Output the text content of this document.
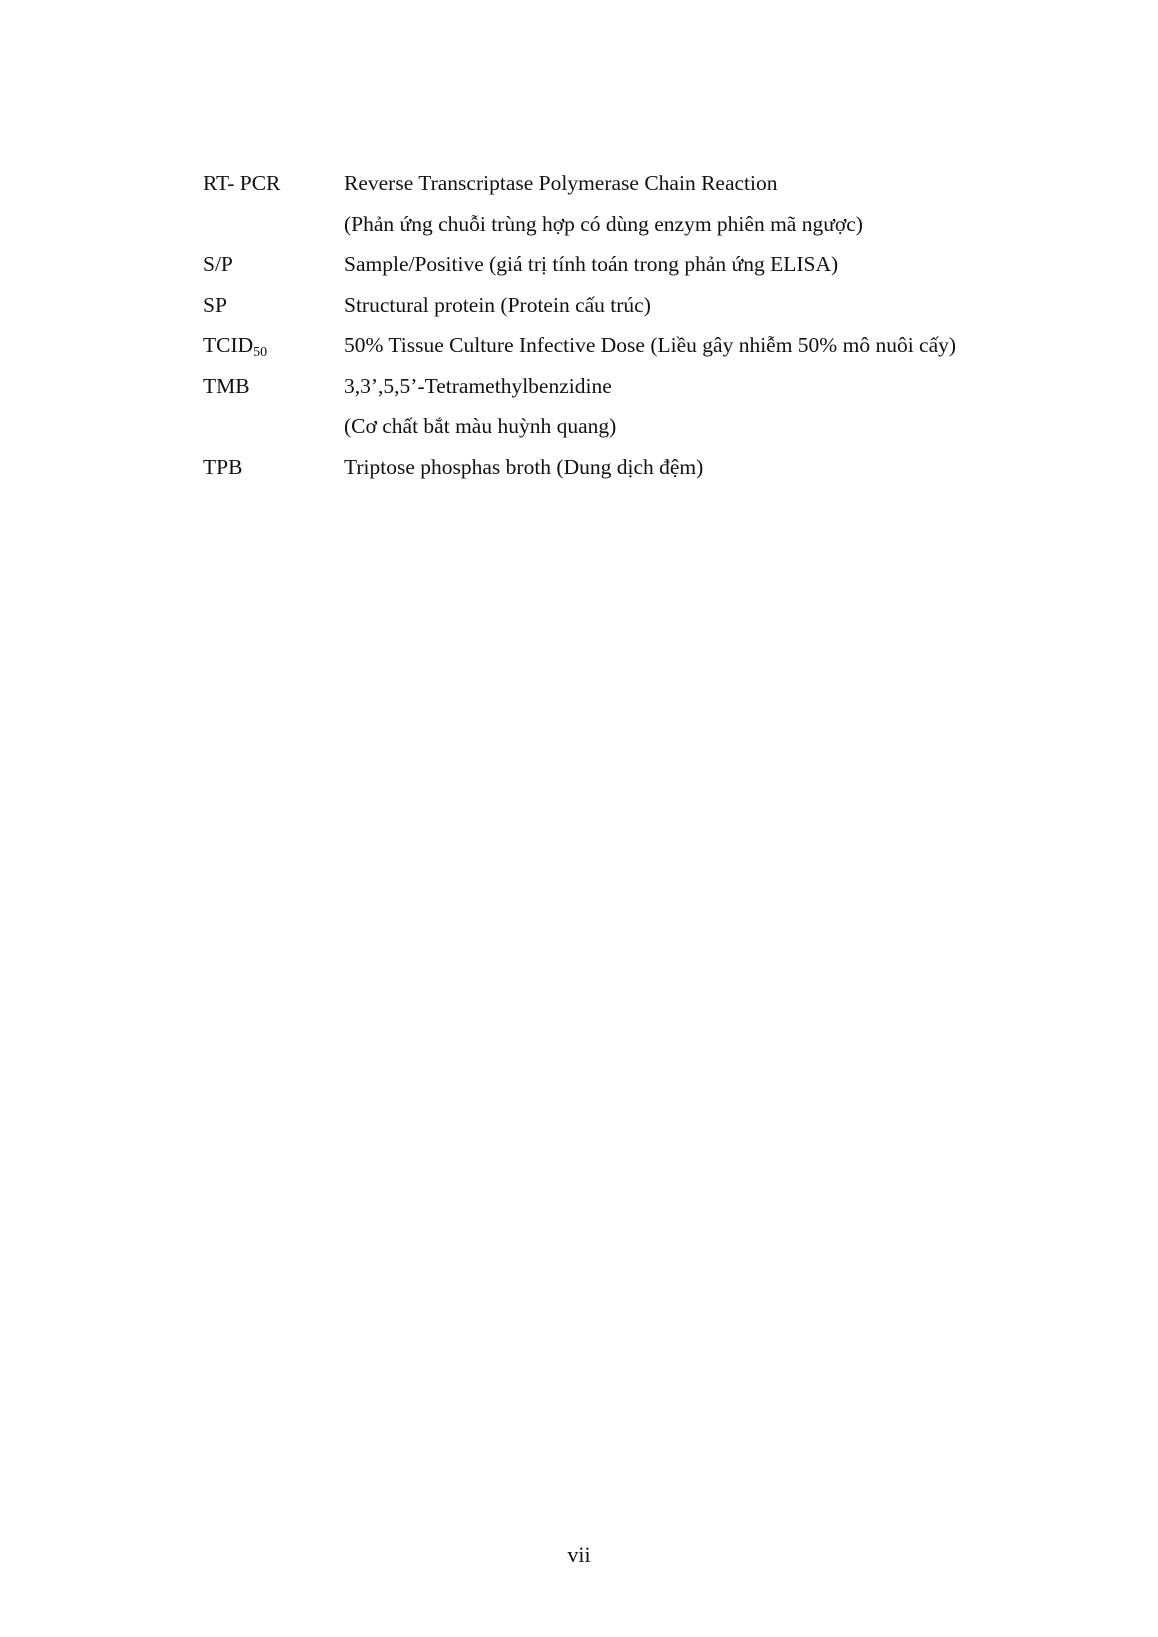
RT- PCR	Reverse Transcriptase Polymerase Chain Reaction
(Phản ứng chuỗi trùng hợp có dùng enzym phiên mã ngược)
S/P	Sample/Positive (giá trị tính toán trong phản ứng ELISA)
SP	Structural protein (Protein cấu trúc)
$TCID_{50}$	50% Tissue Culture Infective Dose (Liều gây nhiễm 50% mô nuôi cấy)
TMB	3,3’,5,5’-Tetramethylbenzidine
(Cơ chất bắt màu huỳnh quang)
TPB	Triptose phosphas broth (Dung dịch đệm)
vii
